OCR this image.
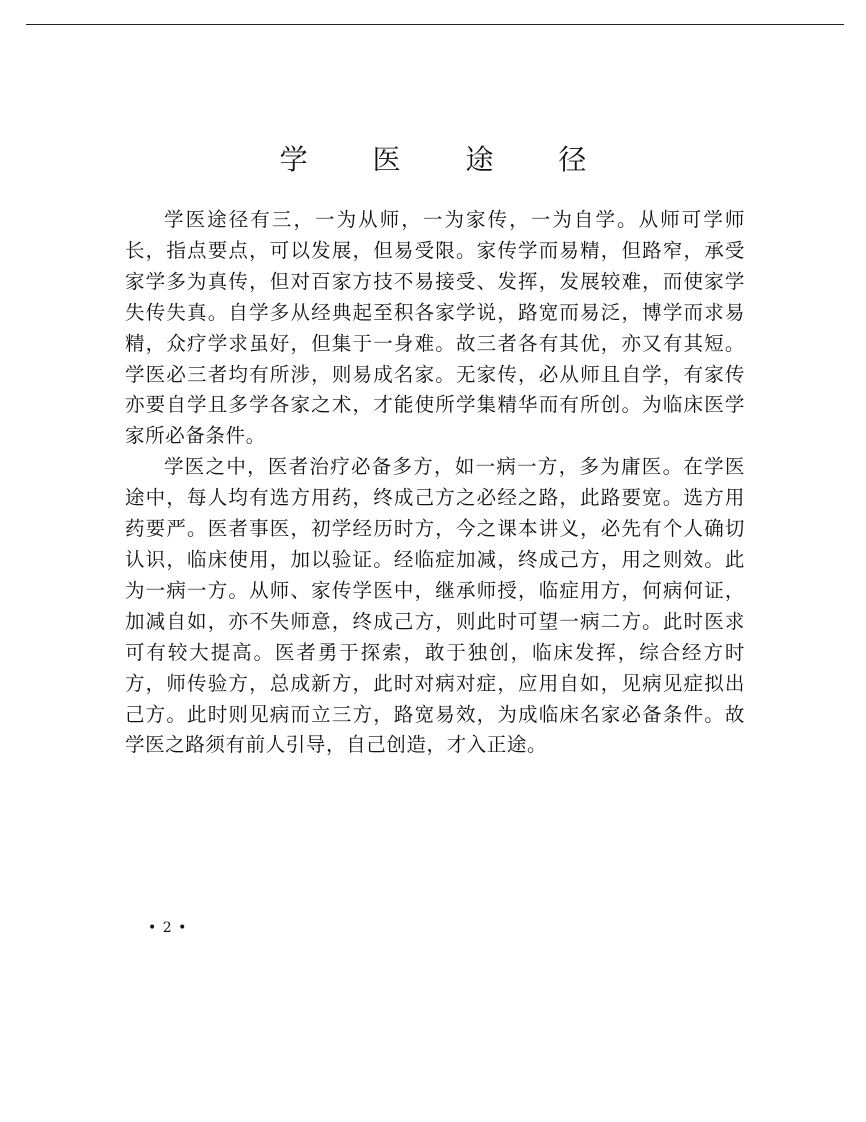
学 医 途 径

学医途径有三，一为从师，一为家传，一为自学。从师可学师长，指点要点，可以发展，但易受限。家传学而易精，但路窄，承受家学多为真传，但对百家方技不易接受、发挥，发展较难，而使家学失传失真。自学多从经典起至积各家学说，路宽而易泛，博学而求易精，众疗学求虽好，但集于一身难。故三者各有其优，亦又有其短。学医必三者均有所涉，则易成名家。无家传，必从师且自学，有家传亦要自学且多学各家之术，才能使所学集精华而有所创。为临床医学家所必备条件。

学医之中，医者治疗必备多方，如一病一方，多为庸医。在学医途中，每人均有选方用药，终成己方之必经之路，此路要宽。选方用药要严。医者事医，初学经历时方，今之课本讲义，必先有个人确切认识，临床使用，加以验证。经临症加减，终成己方，用之则效。此为一病一方。从师、家传学医中，继承师授，临症用方，何病何证，加减自如，亦不失师意，终成己方，则此时可望一病二方。此时医求可有较大提高。医者勇于探索，敢于独创，临床发挥，综合经方时方，师传验方，总成新方，此时对病对症，应用自如，见病见症拟出己方。此时则见病而立三方，路宽易效，为成临床名家必备条件。故学医之路须有前人引导，自己创造，才入正途。

• 2 •
